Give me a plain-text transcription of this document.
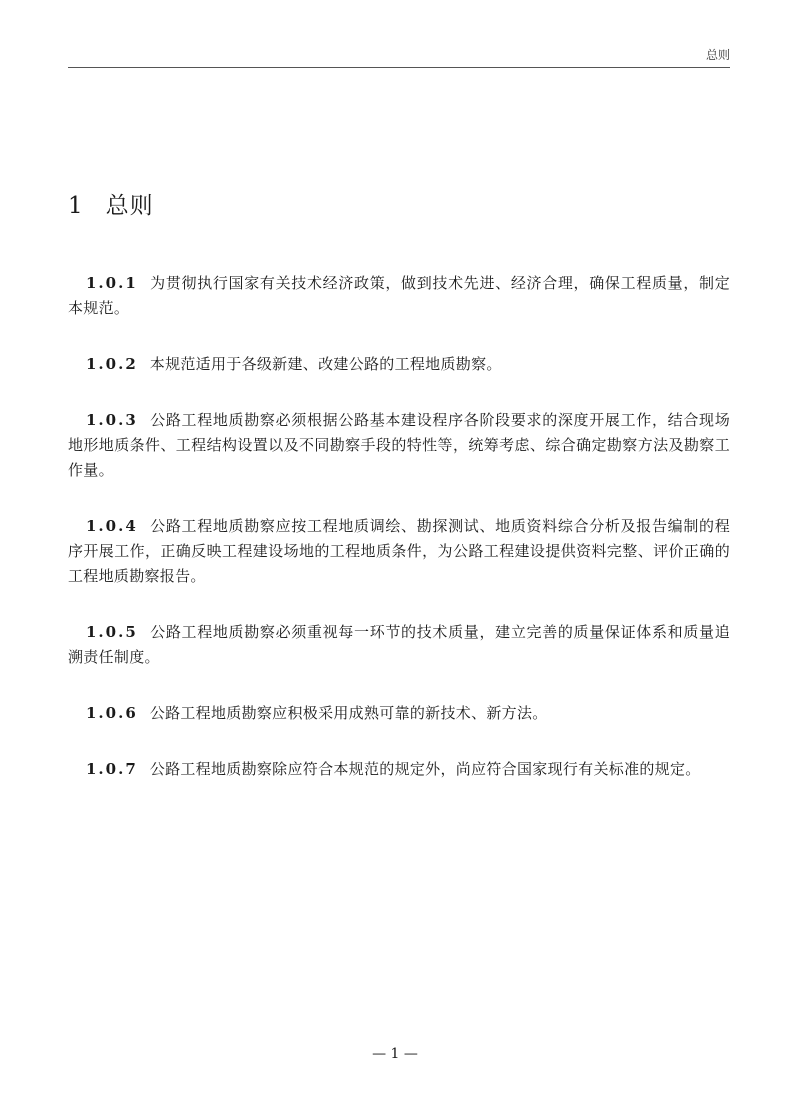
总则
1 总则

1.0.1 为贯彻执行国家有关技术经济政策，做到技术先进、经济合理，确保工程质量，制定本规范。

1.0.2 本规范适用于各级新建、改建公路的工程地质勘察。

1.0.3 公路工程地质勘察必须根据公路基本建设程序各阶段要求的深度开展工作，结合现场地形地质条件、工程结构设置以及不同勘察手段的特性等，统筹考虑、综合确定勘察方法及勘察工作量。

1.0.4 公路工程地质勘察应按工程地质调绘、勘探测试、地质资料综合分析及报告编制的程序开展工作，正确反映工程建设场地的工程地质条件，为公路工程建设提供资料完整、评价正确的工程地质勘察报告。

1.0.5 公路工程地质勘察必须重视每一环节的技术质量，建立完善的质量保证体系和质量追溯责任制度。

1.0.6 公路工程地质勘察应积极采用成熟可靠的新技术、新方法。

1.0.7 公路工程地质勘察除应符合本规范的规定外，尚应符合国家现行有关标准的规定。

— 1 —
